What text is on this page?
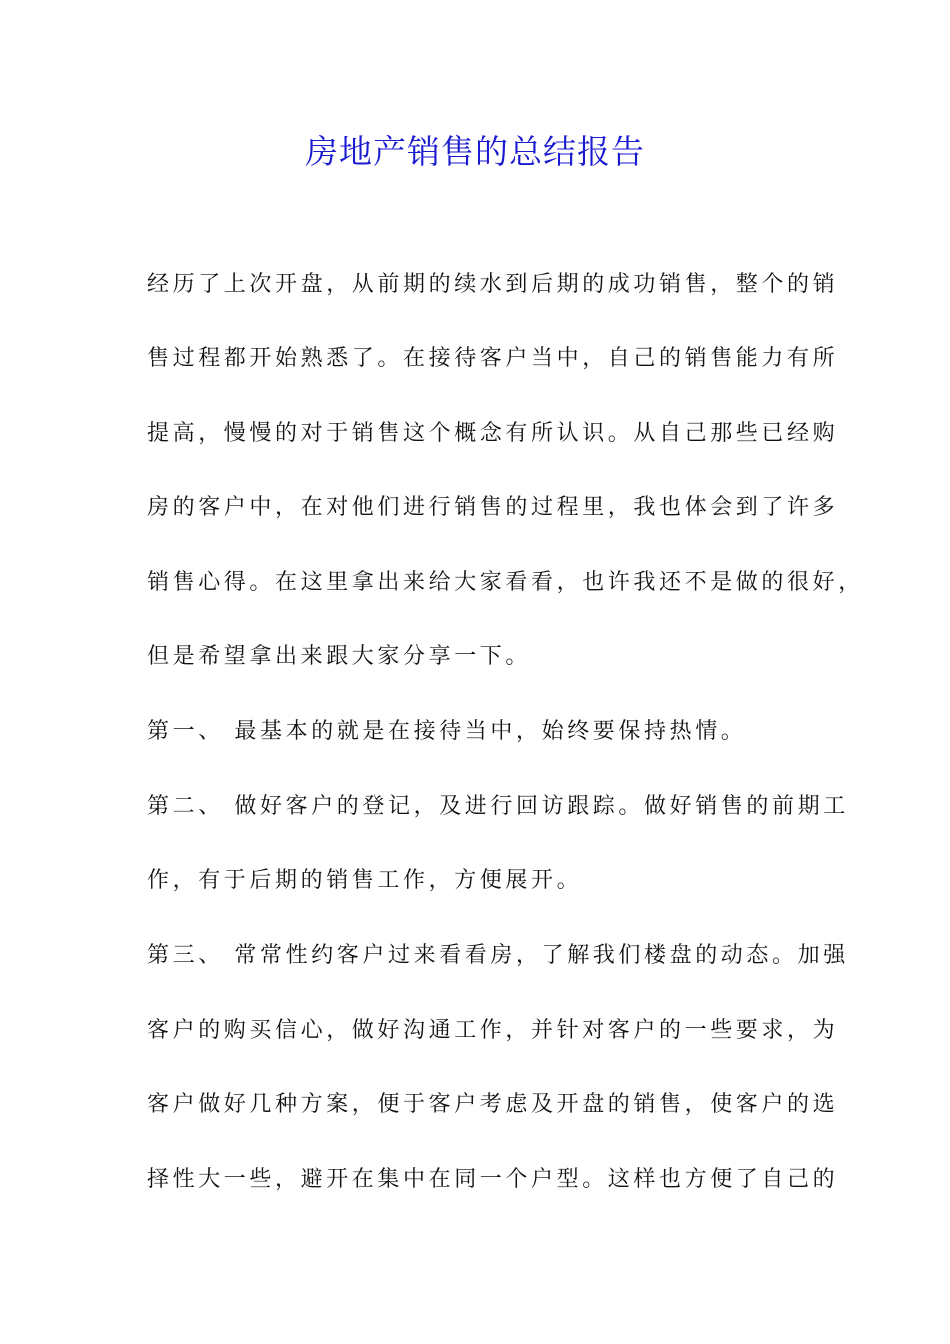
房地产销售的总结报告
经历了上次开盘，从前期的续水到后期的成功销售，整个的销
售过程都开始熟悉了。在接待客户当中，自己的销售能力有所
提高，慢慢的对于销售这个概念有所认识。从自己那些已经购
房的客户中，在对他们进行销售的过程里，我也体会到了许多
销售心得。在这里拿出来给大家看看，也许我还不是做的很好，
但是希望拿出来跟大家分享一下。
第一、 最基本的就是在接待当中，始终要保持热情。
第二、 做好客户的登记，及进行回访跟踪。做好销售的前期工
作，有于后期的销售工作，方便展开。
第三、 常常性约客户过来看看房，了解我们楼盘的动态。加强
客户的购买信心，做好沟通工作，并针对客户的一些要求，为
客户做好几种方案，便于客户考虑及开盘的销售，使客户的选
择性大一些，避开在集中在同一个户型。这样也方便了自己的
